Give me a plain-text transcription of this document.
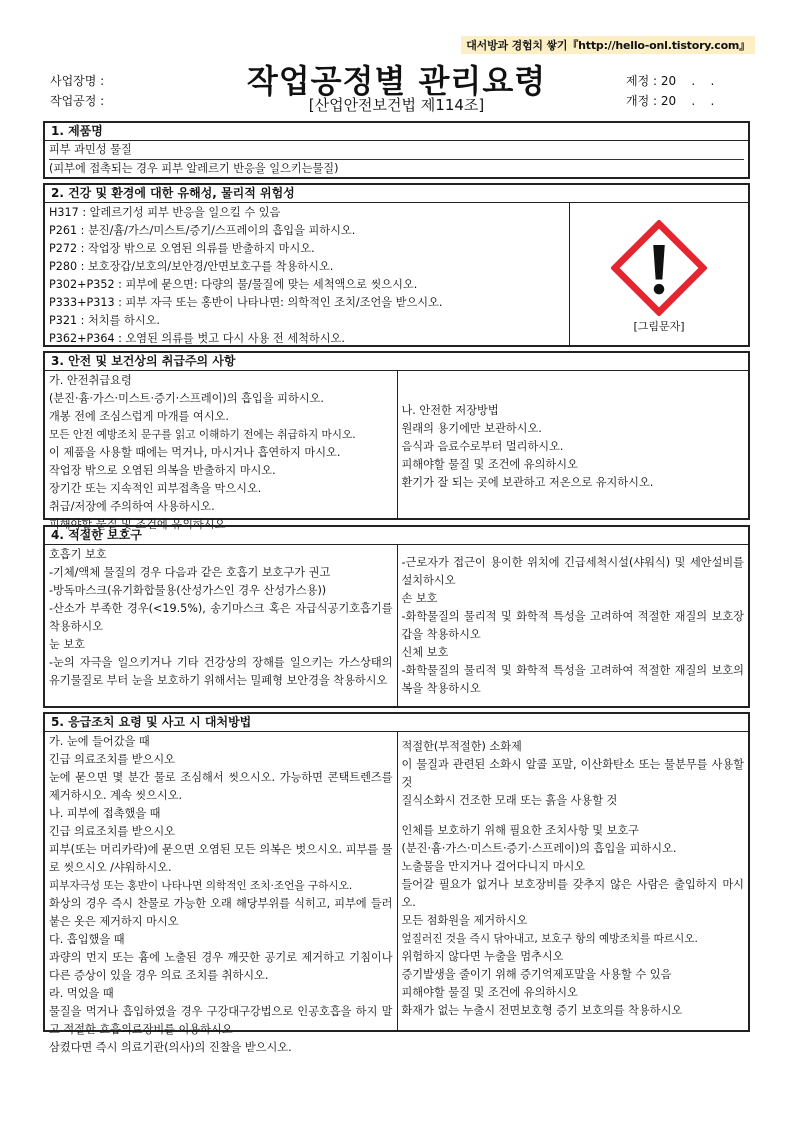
대서방과 경험치 쌓기『http://hello-onl.tistory.com』
사업장명 :
작업공정 :
작업공정별 관리요령
[산업안전보건법 제114조]
제정 : 20    .    .
개정 : 20    .    .
1. 제품명
피부 과민성 물질
(피부에 접촉되는 경우 피부 알레르기 반응을 일으키는물질)
2. 건강 및 환경에 대한 유해성, 물리적 위험성
H317 : 알레르기성 피부 반응을 일으킬 수 있음
P261 : 분진/흄/가스/미스트/증기/스프레이의 흡입을 피하시오.
P272 : 작업장 밖으로 오염된 의류를 반출하지 마시오.
P280 : 보호장갑/보호의/보안경/안면보호구를 착용하시오.
P302+P352 : 피부에 묻으면: 다량의 물/물질에 맞는 세척액으로 씻으시오.
P333+P313 : 피부 자극 또는 홍반이 나타나면: 의학적인 조치/조언을 받으시오.
P321 : 처치를 하시오.
P362+P364 : 오염된 의류를 벗고 다시 사용 전 세척하시오.
[그림문자]
3. 안전 및 보건상의 취급주의 사항
가. 안전취급요령
(분진·흄·가스·미스트·증기·스프레이)의 흡입을 피하시오.
개봉 전에 조심스럽게 마개를 여시오.
모든 안전 예방조치 문구를 읽고 이해하기 전에는 취급하지 마시오.
이 제품을 사용할 때에는 먹거나, 마시거나 흡연하지 마시오.
작업장 밖으로 오염된 의복을 반출하지 마시오.
장기간 또는 지속적인 피부접촉을 막으시오.
취급/저장에 주의하여 사용하시오.
피해야할 물질 및 조건에 유의하시오
나. 안전한 저장방법
원래의 용기에만 보관하시오.
음식과 음료수로부터 멀리하시오.
피해야할 물질 및 조건에 유의하시오
환기가 잘 되는 곳에 보관하고 저온으로 유지하시오.
4. 적절한 보호구
호흡기 보호
-기체/액체 물질의 경우 다음과 같은 호흡기 보호구가 권고
-방독마스크(유기화합물용(산성가스인 경우 산성가스용))
-산소가 부족한 경우(<19.5%), 송기마스크 혹은 자급식공기호흡기를 착용하시오
눈 보호
-눈의 자극을 일으키거나 기타 건강상의 장해를 일으키는 가스상태의 유기물질로 부터 눈을 보호하기 위해서는 밀폐형 보안경을 착용하시오
-근로자가 접근이 용이한 위치에 긴급세척시설(샤워식) 및 세안설비를 설치하시오
손 보호
-화학물질의 물리적 및 화학적 특성을 고려하여 적절한 재질의 보호장갑을 착용하시오
신체 보호
-화학물질의 물리적 및 화학적 특성을 고려하여 적절한 재질의 보호의복을 착용하시오
5. 응급조치 요령 및 사고 시 대처방법
가. 눈에 들어갔을 때
긴급 의료조치를 받으시오
눈에 묻으면 몇 분간 물로 조심해서 씻으시오. 가능하면 콘택트렌즈를 제거하시오. 계속 씻으시오.
나. 피부에 접촉했을 때
긴급 의료조치를 받으시오
피부(또는 머리카락)에 묻으면 오염된 모든 의복은 벗으시오. 피부를 물로 씻으시오 /샤워하시오.
피부자극성 또는 홍반이 나타나면 의학적인 조치·조언을 구하시오.
화상의 경우 즉시 찬물로 가능한 오래 해당부위를 식히고, 피부에 들러붙은 옷은 제거하지 마시오
다. 흡입했을 때
과량의 먼지 또는 흄에 노출된 경우 깨끗한 공기로 제거하고 기침이나 다른 증상이 있을 경우 의료 조치를 취하시오.
라. 먹었을 때
물질을 먹거나 흡입하였을 경우 구강대구강법으로 인공호흡을 하지 말고 적절한 호흡의료장비를 이용하시오
삼켰다면 즉시 의료기관(의사)의 진찰을 받으시오.
적절한(부적절한) 소화제
이 물질과 관련된 소화시 알콜 포말, 이산화탄소 또는 물분무를 사용할 것
질식소화시 건조한 모래 또는 흙을 사용할 것
인체를 보호하기 위해 필요한 조치사항 및 보호구
(분진·흄·가스·미스트·증기·스프레이)의 흡입을 피하시오.
노출물을 만지거나 걸어다니지 마시오
들어갈 필요가 없거나 보호장비를 갖추지 않은 사람은 출입하지 마시오.
모든 점화원을 제거하시오
엎질러진 것을 즉시 닦아내고, 보호구 항의 예방조치를 따르시오.
위험하지 않다면 누출을 멈추시오
증기발생을 줄이기 위해 증기억제포말을 사용할 수 있음
피해야할 물질 및 조건에 유의하시오
화재가 없는 누출시 전면보호형 증기 보호의를 착용하시오
